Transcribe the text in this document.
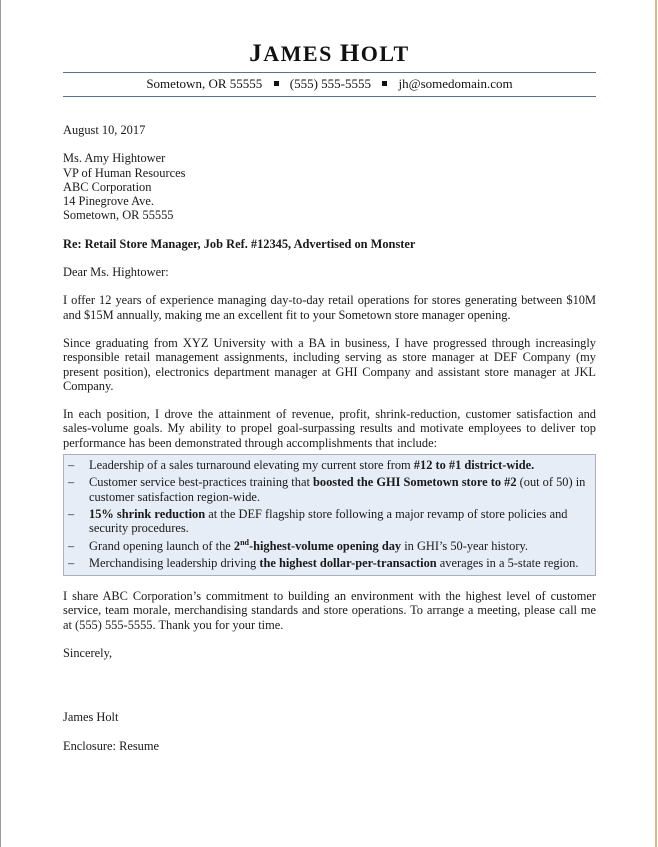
JAMES HOLT
Sometown, OR 55555 (555) 555-5555 jh@somedomain.com

August 10, 2017

Ms. Amy Hightower

VP of Human Resources

ABC Corporation

14 Pinegrove Ave.

Sometown, OR 55555

Re: Retail Store Manager, Job Ref. #12345, Advertised on Monster

Dear Ms. Hightower:

I offer 12 years of experience managing day-to-day retail operations for stores generating between $10M and $15M annually, making me an excellent fit to your Sometown store manager opening.

Since graduating from XYZ University with a BA in business, I have progressed through increasingly responsible retail management assignments, including serving as store manager at DEF Company (my present position), electronics department manager at GHI Company and assistant store manager at JKL Company.

In each position, I drove the attainment of revenue, profit, shrink-reduction, customer satisfaction and sales-volume goals. My ability to propel goal-surpassing results and motivate employees to deliver top performance has been demonstrated through accomplishments that include:

– Leadership of a sales turnaround elevating my current store from #12 to #1 district-wide.
– Customer service best-practices training that boosted the GHI Sometown store to #2 (out of 50) in customer satisfaction region-wide.
– 15% shrink reduction at the DEF flagship store following a major revamp of store policies and security procedures.
– Grand opening launch of the 2nd-highest-volume opening day in GHI’s 50-year history.
– Merchandising leadership driving the highest dollar-per-transaction averages in a 5-state region.

I share ABC Corporation’s commitment to building an environment with the highest level of customer service, team morale, merchandising standards and store operations. To arrange a meeting, please call me at (555) 555-5555. Thank you for your time.

Sincerely,

James Holt

Enclosure: Resume
